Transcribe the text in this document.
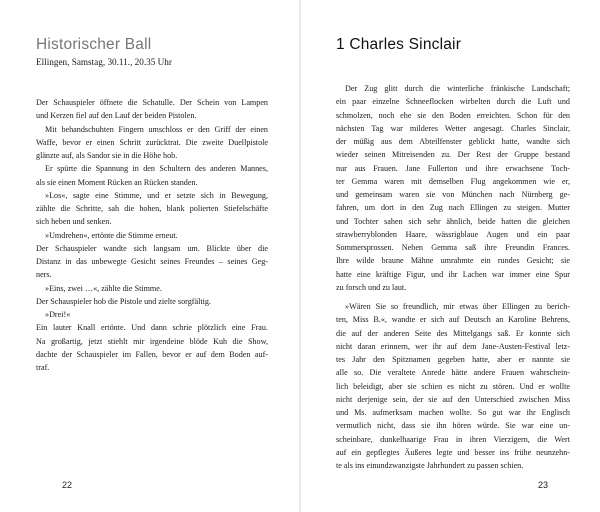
Historischer Ball
Ellingen, Samstag, 30.11., 20.35 Uhr
Der Schauspieler öffnete die Schatulle. Der Schein von Lampen
und Kerzen fiel auf den Lauf der beiden Pistolen.
Mit behandschuhten Fingern umschloss er den Griff der einen
Waffe, bevor er einen Schritt zurücktrat. Die zweite Duellpistole
glänzte auf, als Sandor sie in die Höhe hob.
Er spürte die Spannung in den Schultern des anderen Mannes,
als sie einen Moment Rücken an Rücken standen.
»Los«, sagte eine Stimme, und er setzte sich in Bewegung,
zählte die Schritte, sah die hohen, blank polierten Stiefelschäfte
sich heben und senken.
»Umdrehen«, ertönte die Stimme erneut.
Der Schauspieler wandte sich langsam um. Blickte über die
Distanz in das unbewegte Gesicht seines Freundes – seines Geg-
ners.
»Eins, zwei …«, zählte die Stimme.
Der Schauspieler hob die Pistole und zielte sorgfältig.
»Drei!«
Ein lauter Knall ertönte. Und dann schrie plötzlich eine Frau.
Na großartig, jetzt stiehlt mir irgendeine blöde Kuh die Show,
dachte der Schauspieler im Fallen, bevor er auf dem Boden auf-
traf.
22
1 Charles Sinclair
Der Zug glitt durch die winterliche fränkische Landschaft;
ein paar einzelne Schneeflocken wirbelten durch die Luft und
schmolzen, noch ehe sie den Boden erreichten. Schon für den
nächsten Tag war milderes Wetter angesagt. Charles Sinclair,
der müßig aus dem Abteilfenster geblickt hatte, wandte sich
wieder seinen Mitreisenden zu. Der Rest der Gruppe bestand
nur aus Frauen. Jane Fullerton und ihre erwachsene Toch-
ter Gemma waren mit demselben Flug angekommen wie er,
und gemeinsam waren sie von München nach Nürnberg ge-
fahren, um dort in den Zug nach Ellingen zu steigen. Mutter
und Tochter sahen sich sehr ähnlich, beide hatten die gleichen
strawberryblonden Haare, wässrigblaue Augen und ein paar
Sommersprossen. Neben Gemma saß ihre Freundin Frances.
Ihre wilde braune Mähne umrahmte ein rundes Gesicht; sie
hatte eine kräftige Figur, und ihr Lachen war immer eine Spur
zu forsch und zu laut.
»Wären Sie so freundlich, mir etwas über Ellingen zu berich-
ten, Miss B.«, wandte er sich auf Deutsch an Karoline Behrens,
die auf der anderen Seite des Mittelgangs saß. Er konnte sich
nicht daran erinnern, wer ihr auf dem Jane-Austen-Festival letz-
tes Jahr den Spitznamen gegeben hatte, aber er nannte sie
alle so. Die veraltete Anrede hätte andere Frauen wahrschein-
lich beleidigt, aber sie schien es nicht zu stören. Und er wollte
nicht derjenige sein, der sie auf den Unterschied zwischen Miss
und Ms. aufmerksam machen wollte. So gut war ihr Englisch
vermutlich nicht, dass sie ihn hören würde. Sie war eine un-
scheinbare, dunkelhaarige Frau in ihren Vierzigern, die Wert
auf ein gepflegtes Äußeres legte und besser ins frühe neunzehn-
te als ins einundzwanzigste Jahrhundert zu passen schien.
23
